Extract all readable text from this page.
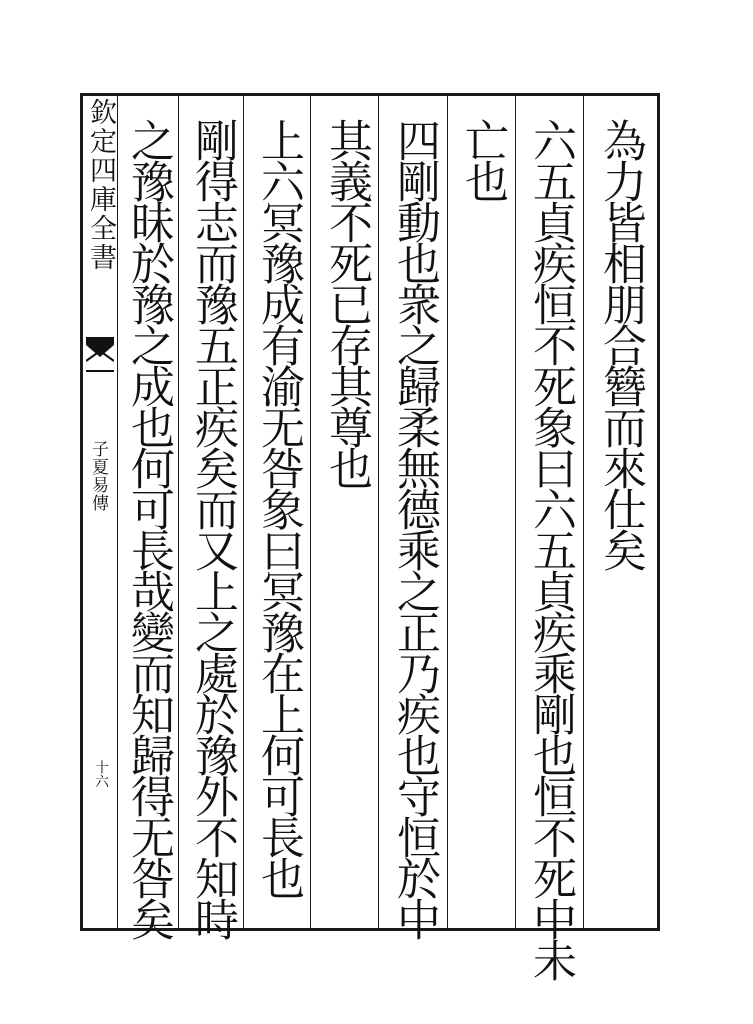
欽定四庫全書
子夏易傳
十六
為力皆相朋合簪而來仕矣
六五貞疾恒不死象曰六五貞疾乘剛也恒不死中未
亡也
四剛動也衆之歸柔無德乘之正乃疾也守恒於中
其義不死已存其尊也
上六冥豫成有渝无咎象曰冥豫在上何可長也
剛得志而豫五正疾矣而又上之處於豫外不知時
之豫昧於豫之成也何可長哉變而知歸得无咎矣
